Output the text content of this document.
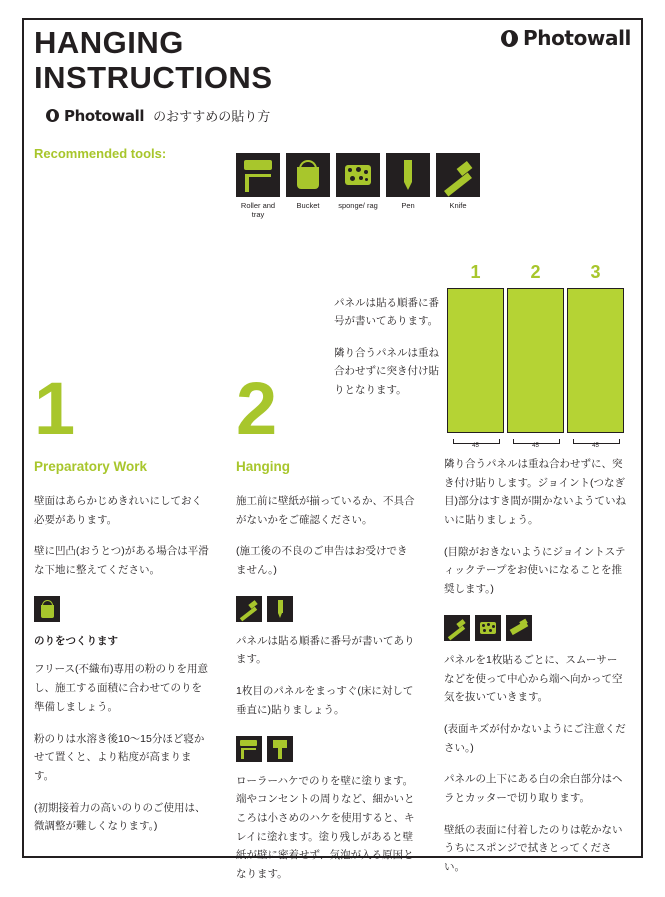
HANGING
INSTRUCTIONS
Photowall
Photowall のおすすめの貼り方
Recommended tools:
Roller and tray
Bucket	sponge/ rag	Pen	Knife

パネルは貼る順番に番号が書いてあります。

隣り合うパネルは重ね合わせずに突き付け貼りとなります。

1	2	3
45	45	45
1 2
Preparatory Work

壁面はあらかじめきれいにしておく必要があります。

壁に凹凸(おうとつ)がある場合は平滑な下地に整えてください。

のりをつくります

フリース(不織布)専用の粉のりを用意し、施工する面積に合わせてのりを準備しましょう。

粉のりは水溶き後10〜15分ほど寝かせて置くと、より粘度が高まります。

(初期接着力の高いのりのご使用は、微調整が難しくなります。)

Hanging

施工前に壁紙が揃っているか、不具合がないかをご確認ください。

(施工後の不良のご申告はお受けできません。)

パネルは貼る順番に番号が書いてあります。

1枚目のパネルをまっすぐ(床に対して垂直に)貼りましょう。

ローラーハケでのりを壁に塗ります。端やコンセントの周りなど、細かいところは小さめのハケを使用すると、キレイに塗れます。塗り残しがあると壁紙が壁に密着せず、気泡が入る原因となります。

隣り合うパネルは重ね合わせずに、突き付け貼りします。ジョイント(つなぎ目)部分はすき間が開かないようていねいに貼りましょう。

(目隙がおきないようにジョイントスティックテープをお使いになることを推奨します。)

パネルを1枚貼るごとに、スムーサーなどを使って中心から端へ向かって空気を抜いていきます。

(表面キズが付かないようにご注意ください。)

パネルの上下にある白の余白部分はヘラとカッターで切り取ります。

壁紙の表面に付着したのりは乾かないうちにスポンジで拭きとってください。
